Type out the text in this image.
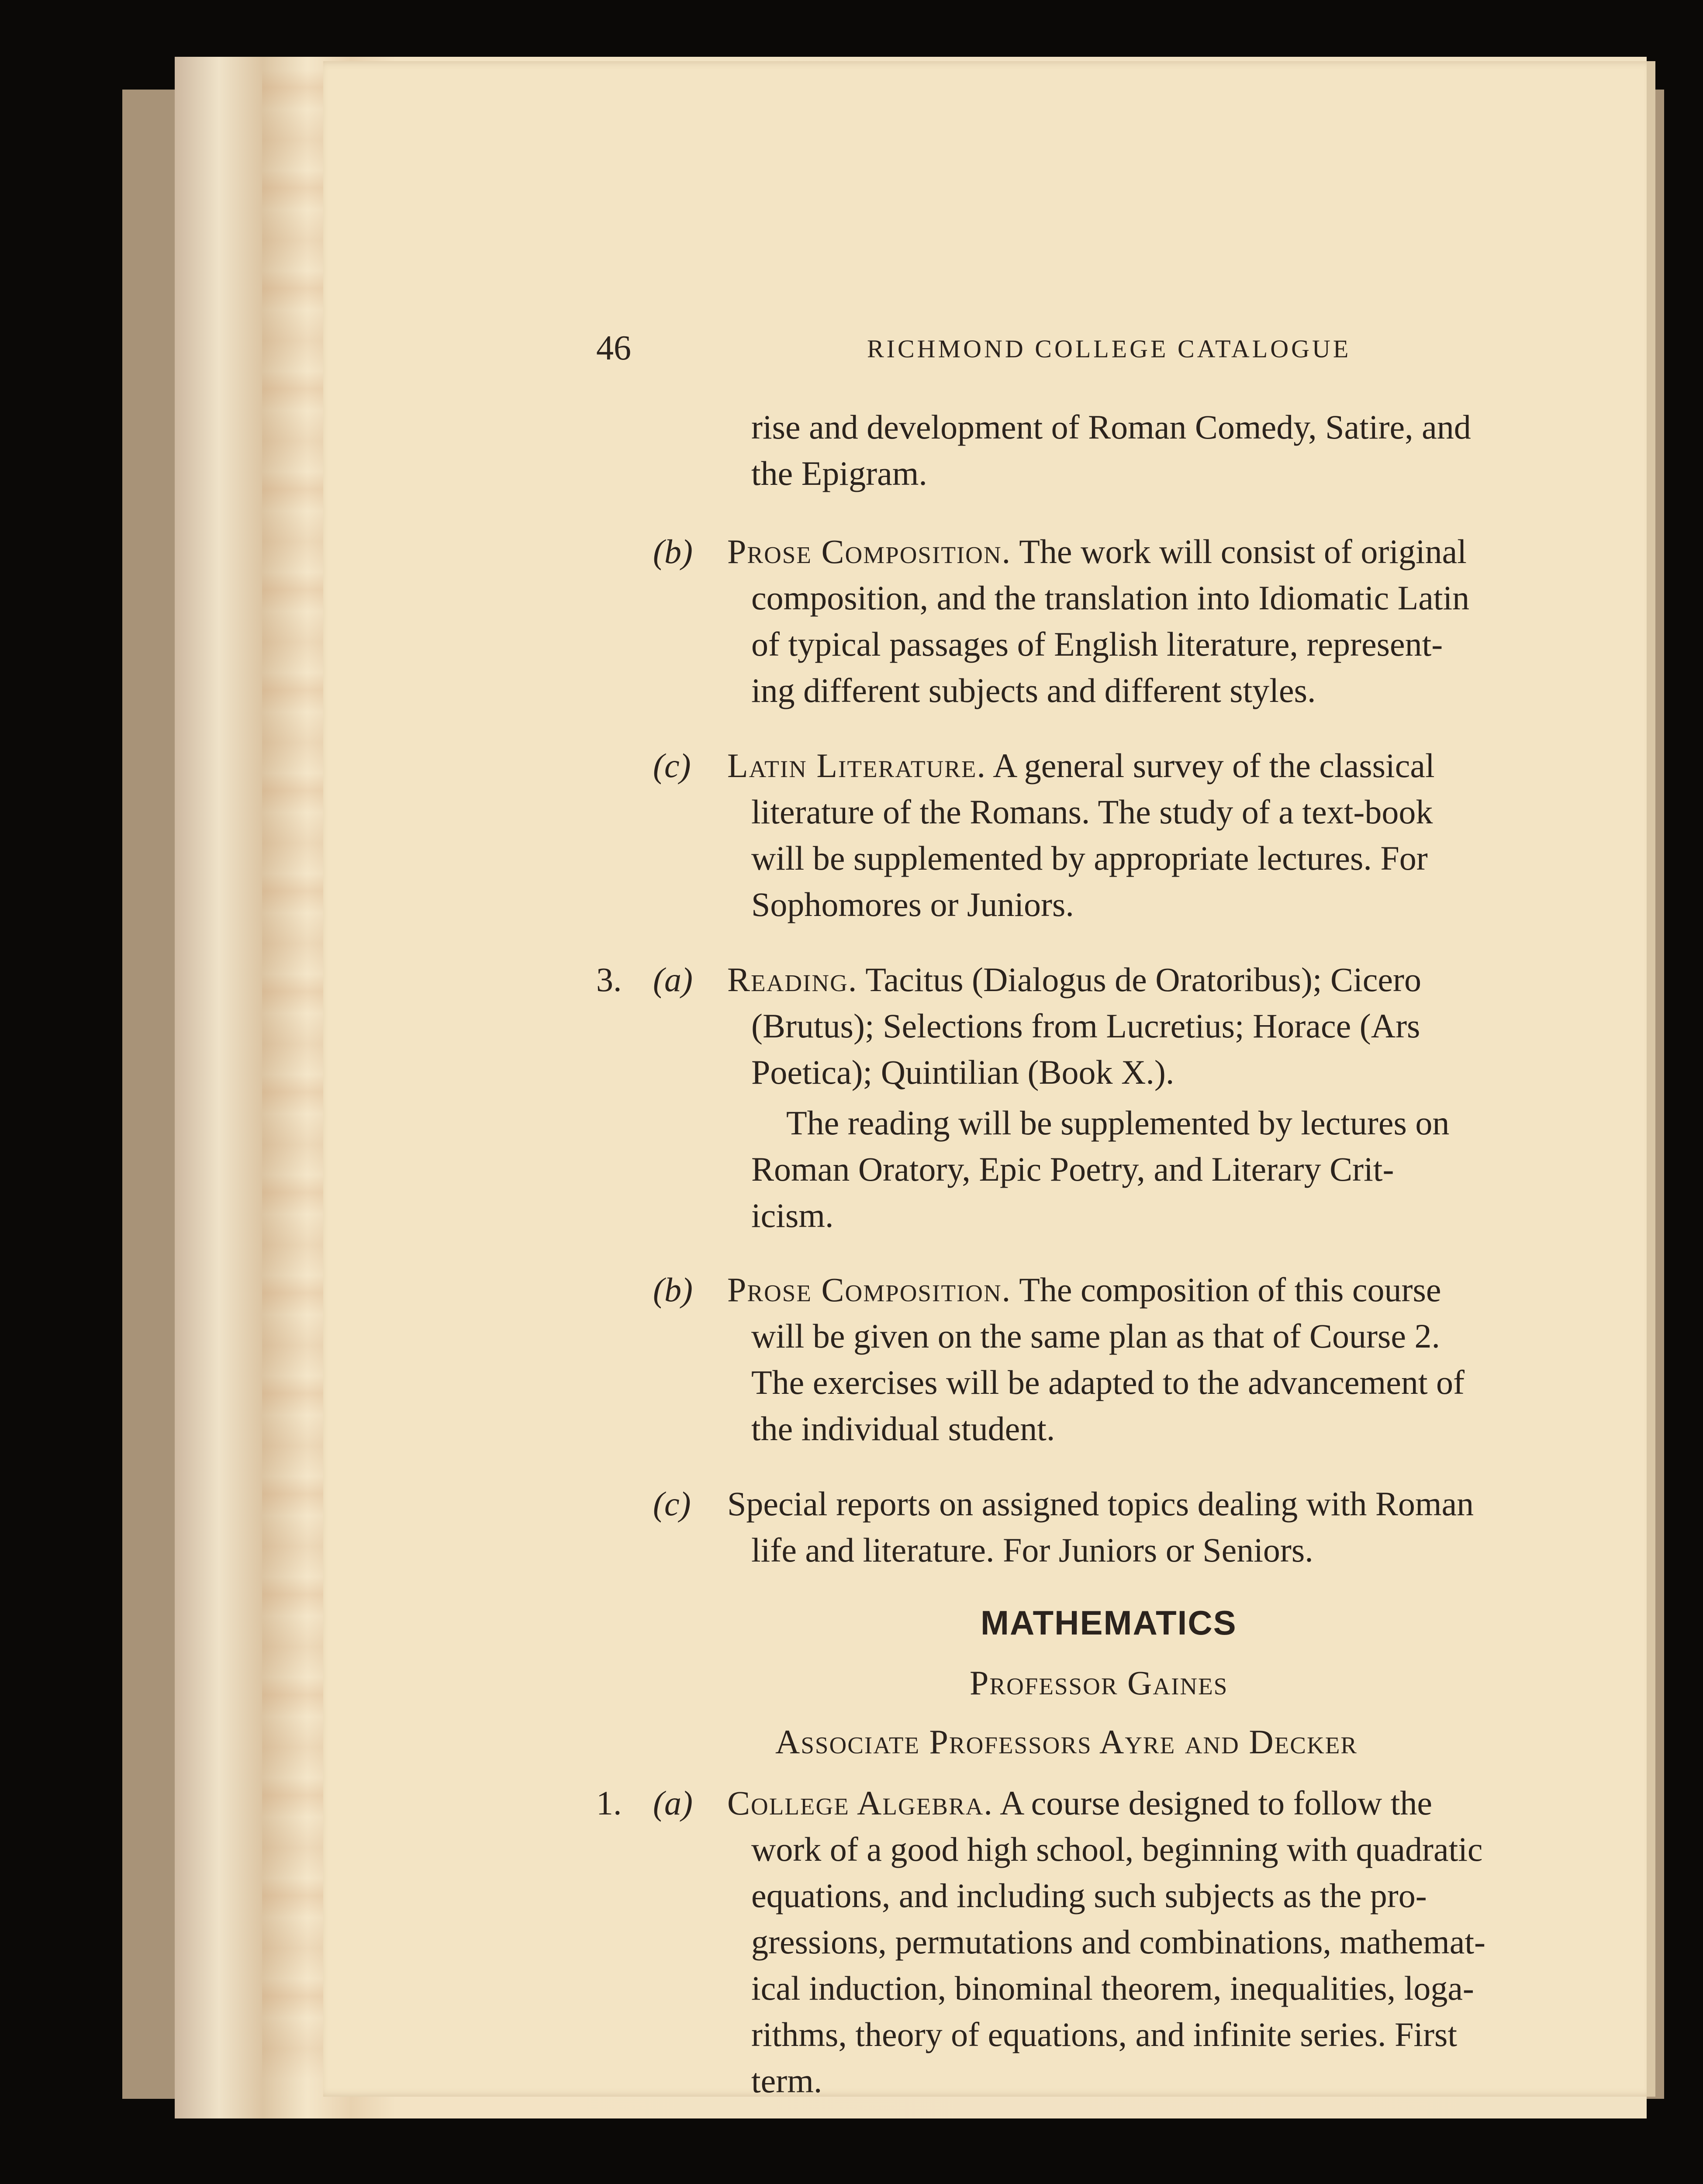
46	RICHMOND COLLEGE CATALOGUE
rise and development of Roman Comedy, Satire, and
the Epigram.
(b) Prose Composition. The work will consist of original
composition, and the translation into Idiomatic Latin
of typical passages of English literature, represent-
ing different subjects and different styles.
(c) Latin Literature. A general survey of the classical
literature of the Romans. The study of a text-book
will be supplemented by appropriate lectures. For
Sophomores or Juniors.
3. (a) Reading. Tacitus (Dialogus de Oratoribus); Cicero
(Brutus); Selections from Lucretius; Horace (Ars
Poetica); Quintilian (Book X.).
The reading will be supplemented by lectures on
Roman Oratory, Epic Poetry, and Literary Crit-
icism.
(b) Prose Composition. The composition of this course
will be given on the same plan as that of Course 2.
The exercises will be adapted to the advancement of
the individual student.
(c) Special reports on assigned topics dealing with Roman
life and literature. For Juniors or Seniors.
MATHEMATICS
Professor Gaines
Associate Professors Ayre and Decker
1. (a) College Algebra. A course designed to follow the
work of a good high school, beginning with quadratic
equations, and including such subjects as the pro-
gressions, permutations and combinations, mathemat-
ical induction, binominal theorem, inequalities, loga-
rithms, theory of equations, and infinite series. First
term.
